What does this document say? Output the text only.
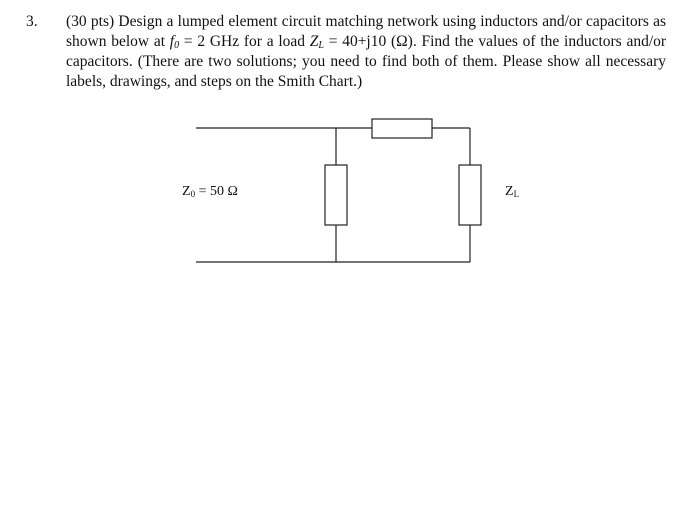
3. (30 pts) Design a lumped element circuit matching network using inductors and/or capacitors as shown below at $f_0 = 2$ GHz for a load $Z_L = 40+j10$ (Ω). Find the values of the inductors and/or capacitors. (There are two solutions; you need to find both of them. Please show all necessary labels, drawings, and steps on the Smith Chart.)
$Z_0 = 50$ Ω	$Z_L$
